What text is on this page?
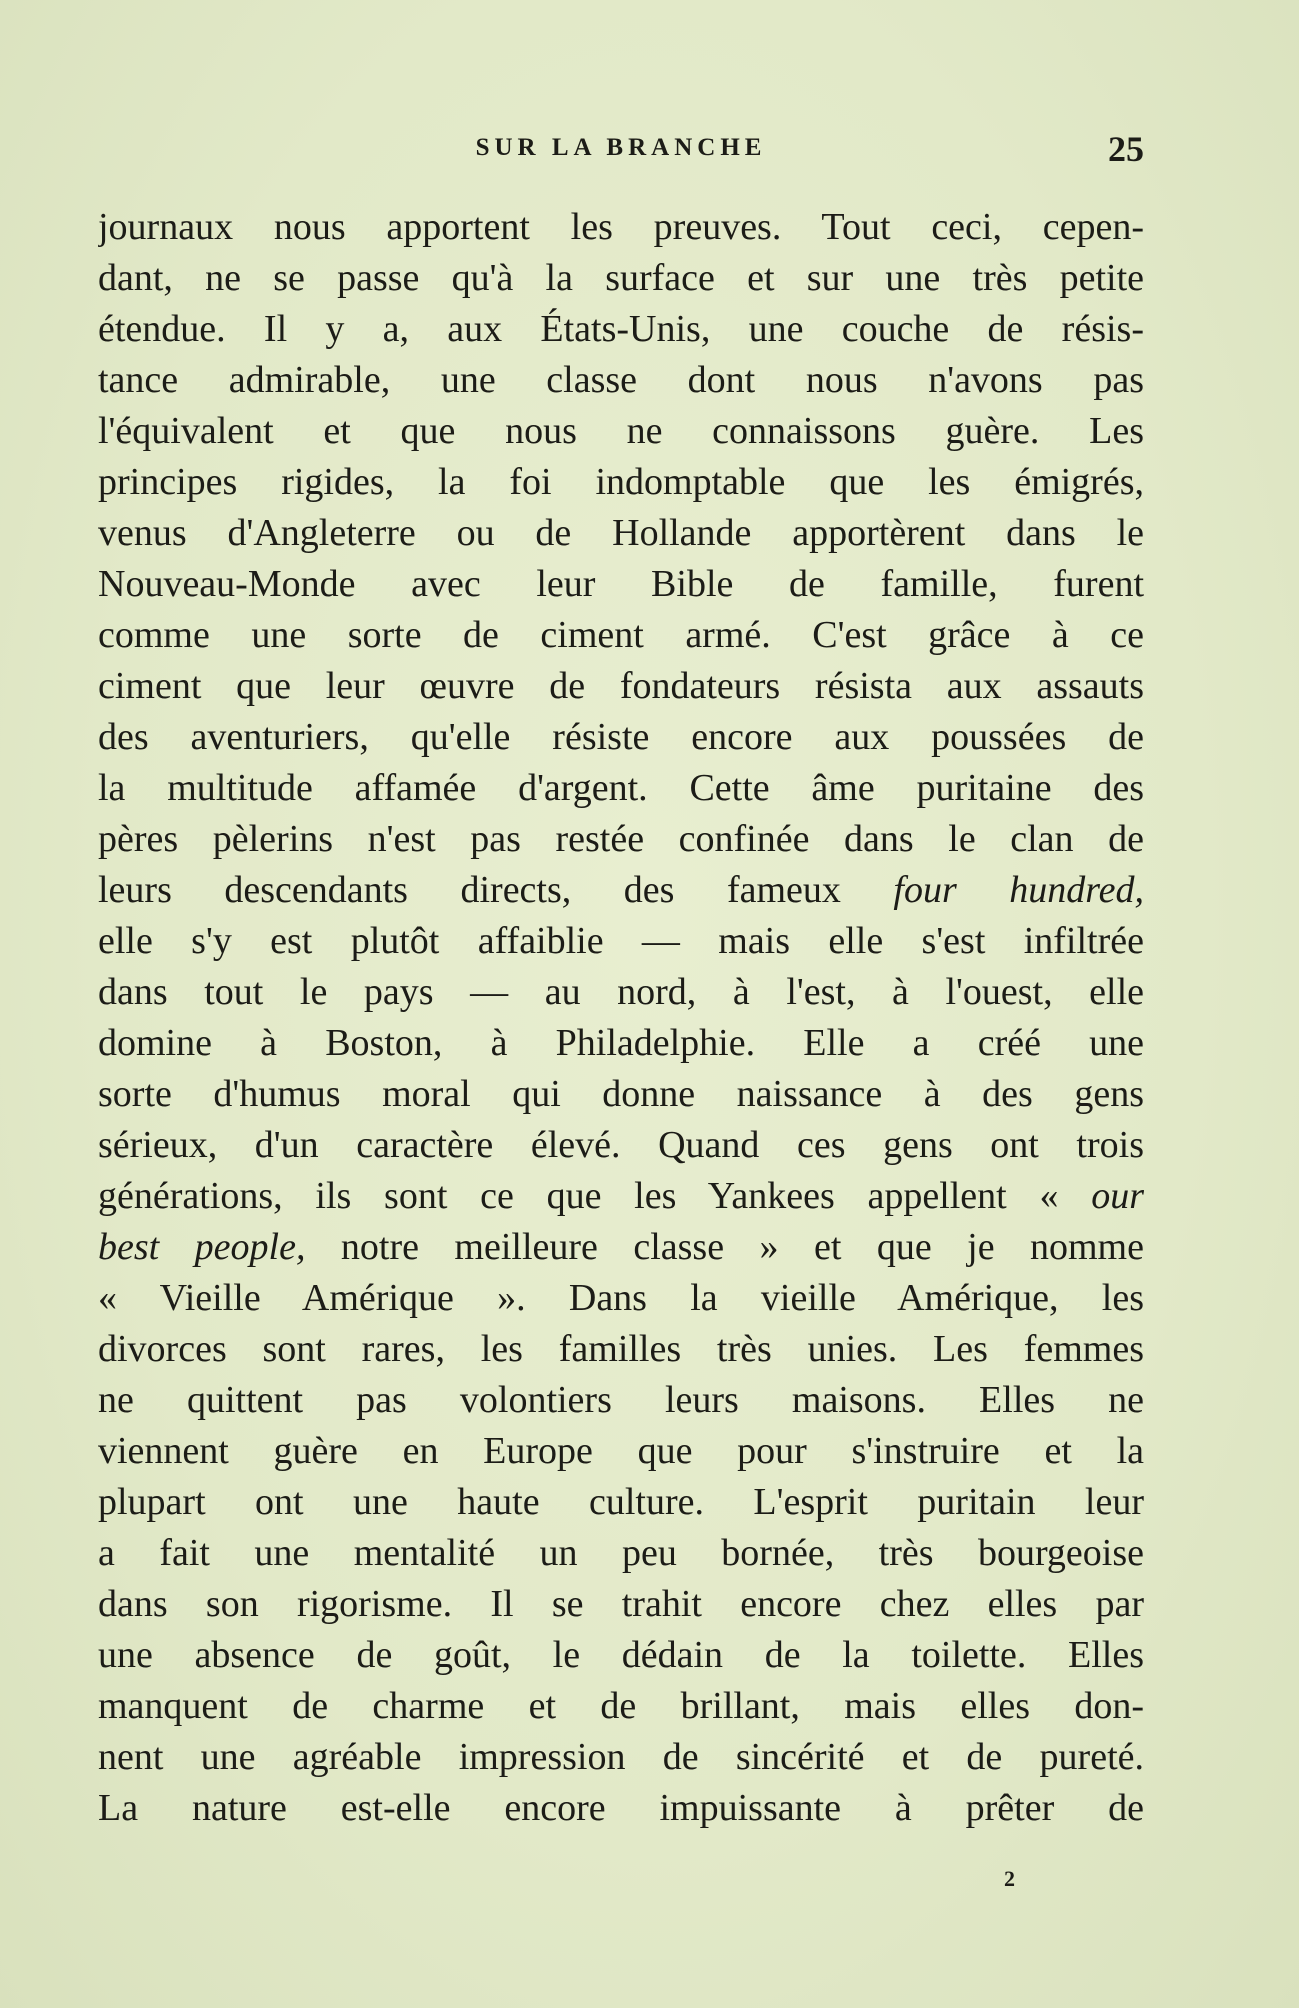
SUR LA BRANCHE	25
journaux nous apportent les preuves. Tout ceci, cepen-
dant, ne se passe qu'à la surface et sur une très petite
étendue. Il y a, aux États-Unis, une couche de résis-
tance admirable, une classe dont nous n'avons pas
l'équivalent et que nous ne connaissons guère. Les
principes rigides, la foi indomptable que les émigrés,
venus d'Angleterre ou de Hollande apportèrent dans le
Nouveau-Monde avec leur Bible de famille, furent
comme une sorte de ciment armé. C'est grâce à ce
ciment que leur œuvre de fondateurs résista aux assauts
des aventuriers, qu'elle résiste encore aux poussées de
la multitude affamée d'argent. Cette âme puritaine des
pères pèlerins n'est pas restée confinée dans le clan de
leurs descendants directs, des fameux four hundred,
elle s'y est plutôt affaiblie — mais elle s'est infiltrée
dans tout le pays — au nord, à l'est, à l'ouest, elle
domine à Boston, à Philadelphie. Elle a créé une
sorte d'humus moral qui donne naissance à des gens
sérieux, d'un caractère élevé. Quand ces gens ont trois
générations, ils sont ce que les Yankees appellent « our
best people, notre meilleure classe » et que je nomme
« Vieille Amérique ». Dans la vieille Amérique, les
divorces sont rares, les familles très unies. Les femmes
ne quittent pas volontiers leurs maisons. Elles ne
viennent guère en Europe que pour s'instruire et la
plupart ont une haute culture. L'esprit puritain leur
a fait une mentalité un peu bornée, très bourgeoise
dans son rigorisme. Il se trahit encore chez elles par
une absence de goût, le dédain de la toilette. Elles
manquent de charme et de brillant, mais elles don-
nent une agréable impression de sincérité et de pureté.
La nature est-elle encore impuissante à prêter de
2
